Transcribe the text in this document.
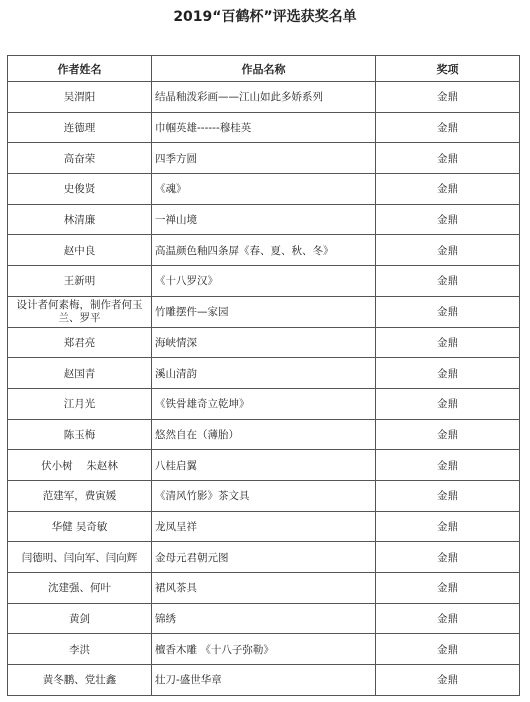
2019“百鹤杯”评选获奖名单
作者姓名	作品名称	奖项
吴渭阳	结晶釉泼彩画——江山如此多娇系列	金鼎
连德理	巾帼英雄------穆桂英	金鼎
高奋荣	四季方圆	金鼎
史俊贤	《魂》	金鼎
林清廉	一禅山境	金鼎
赵中良	高温颜色釉四条屏《春、夏、秋、冬》	金鼎
王新明	《十八罗汉》	金鼎
设计者何素梅，制作者何玉兰、罗平	竹雕摆件—家园	金鼎
郑君亮	海峡情深	金鼎
赵国青	溪山清韵	金鼎
江月光	《铁骨雄奇立乾坤》	金鼎
陈玉梅	悠然自在（薄胎）	金鼎
伏小树　 朱赵林	八桂启翼	金鼎
范建军，费寅媛	《清风竹影》茶文具	金鼎
华健 吴奇敏	龙凤呈祥	金鼎
闫德明、闫向军、闫向辉	金母元君朝元图	金鼎
沈建强、何叶	裙风茶具	金鼎
黄剑	锦绣	金鼎
李洪	檀香木雕 《十八子弥勒》	金鼎
黄冬鹏、党壮鑫	壮刀-盛世华章	金鼎
